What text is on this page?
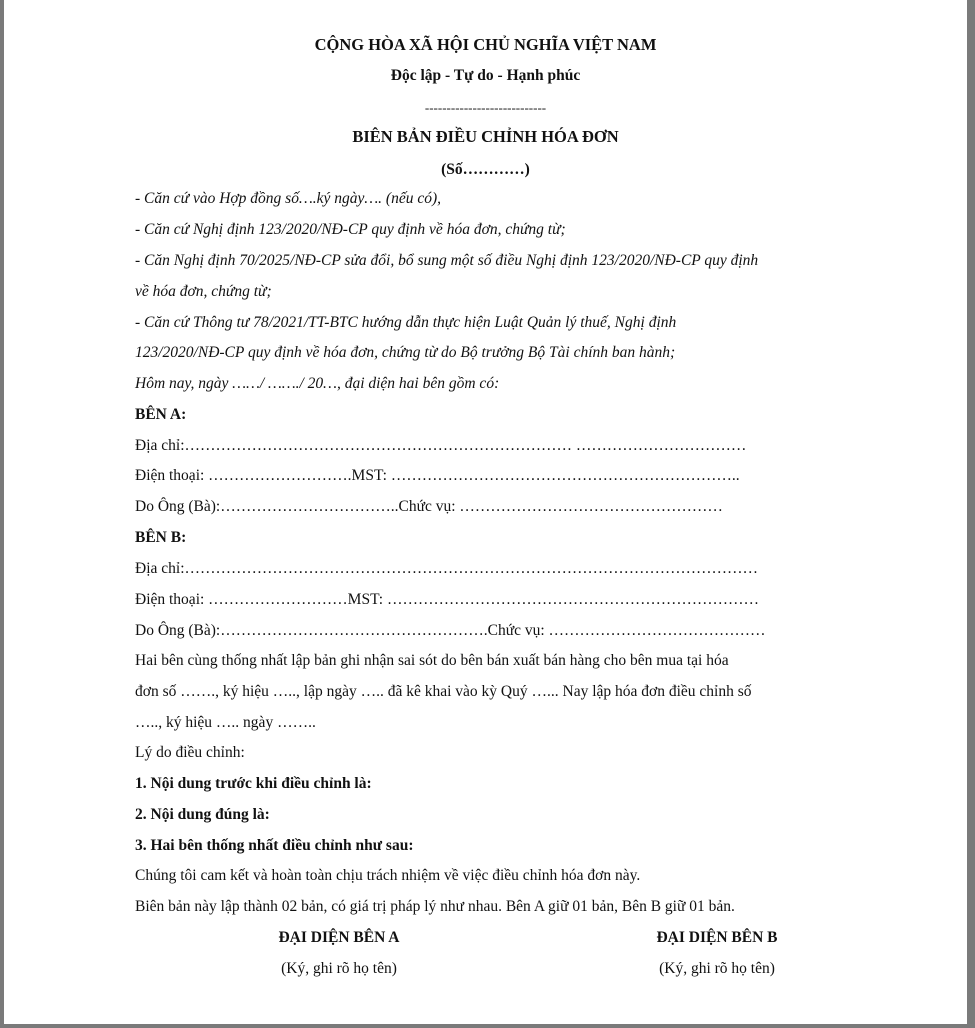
CỘNG HÒA XÃ HỘI CHỦ NGHĨA VIỆT NAM
Độc lập - Tự do - Hạnh phúc
----------------------------
BIÊN BẢN ĐIỀU CHỈNH HÓA ĐƠN
(Số…………)
- Căn cứ vào Hợp đồng số….ký ngày…. (nếu có),
- Căn cứ Nghị định 123/2020/NĐ-CP quy định về hóa đơn, chứng từ;
- Căn Nghị định 70/2025/NĐ-CP sửa đổi, bổ sung một số điều Nghị định 123/2020/NĐ-CP quy định
về hóa đơn, chứng từ;
- Căn cứ Thông tư 78/2021/TT-BTC hướng dẫn thực hiện Luật Quản lý thuế, Nghị định
123/2020/NĐ-CP quy định về hóa đơn, chứng từ do Bộ trưởng Bộ Tài chính ban hành;
Hôm nay, ngày ……/ ……./ 20…, đại diện hai bên gồm có:
BÊN A:
Địa chỉ:………………………………………………………………… ……………………………
Điện thoại: ……………………….MST: …………………………………………………………..
Do Ông (Bà):……………………………..Chức vụ: ……………………………………………
BÊN B:
Địa chỉ:…………………………………………………………………………………………………
Điện thoại: ………………………MST: ………………………………………………………………
Do Ông (Bà):…………………………………………….Chức vụ: ……………………………………
Hai bên cùng thống nhất lập bản ghi nhận sai sót do bên bán xuất bán hàng cho bên mua tại hóa
đơn số ……., ký hiệu ….., lập ngày ….. đã kê khai vào kỳ Quý …... Nay lập hóa đơn điều chỉnh số
….., ký hiệu ….. ngày ……..
Lý do điều chỉnh:
1. Nội dung trước khi điều chỉnh là:
2. Nội dung đúng là:
3. Hai bên thống nhất điều chỉnh như sau:
Chúng tôi cam kết và hoàn toàn chịu trách nhiệm về việc điều chỉnh hóa đơn này.
Biên bản này lập thành 02 bản, có giá trị pháp lý như nhau. Bên A giữ 01 bản, Bên B giữ 01 bản.
ĐẠI DIỆN BÊN A
(Ký, ghi rõ họ tên)
ĐẠI DIỆN BÊN B
(Ký, ghi rõ họ tên)
